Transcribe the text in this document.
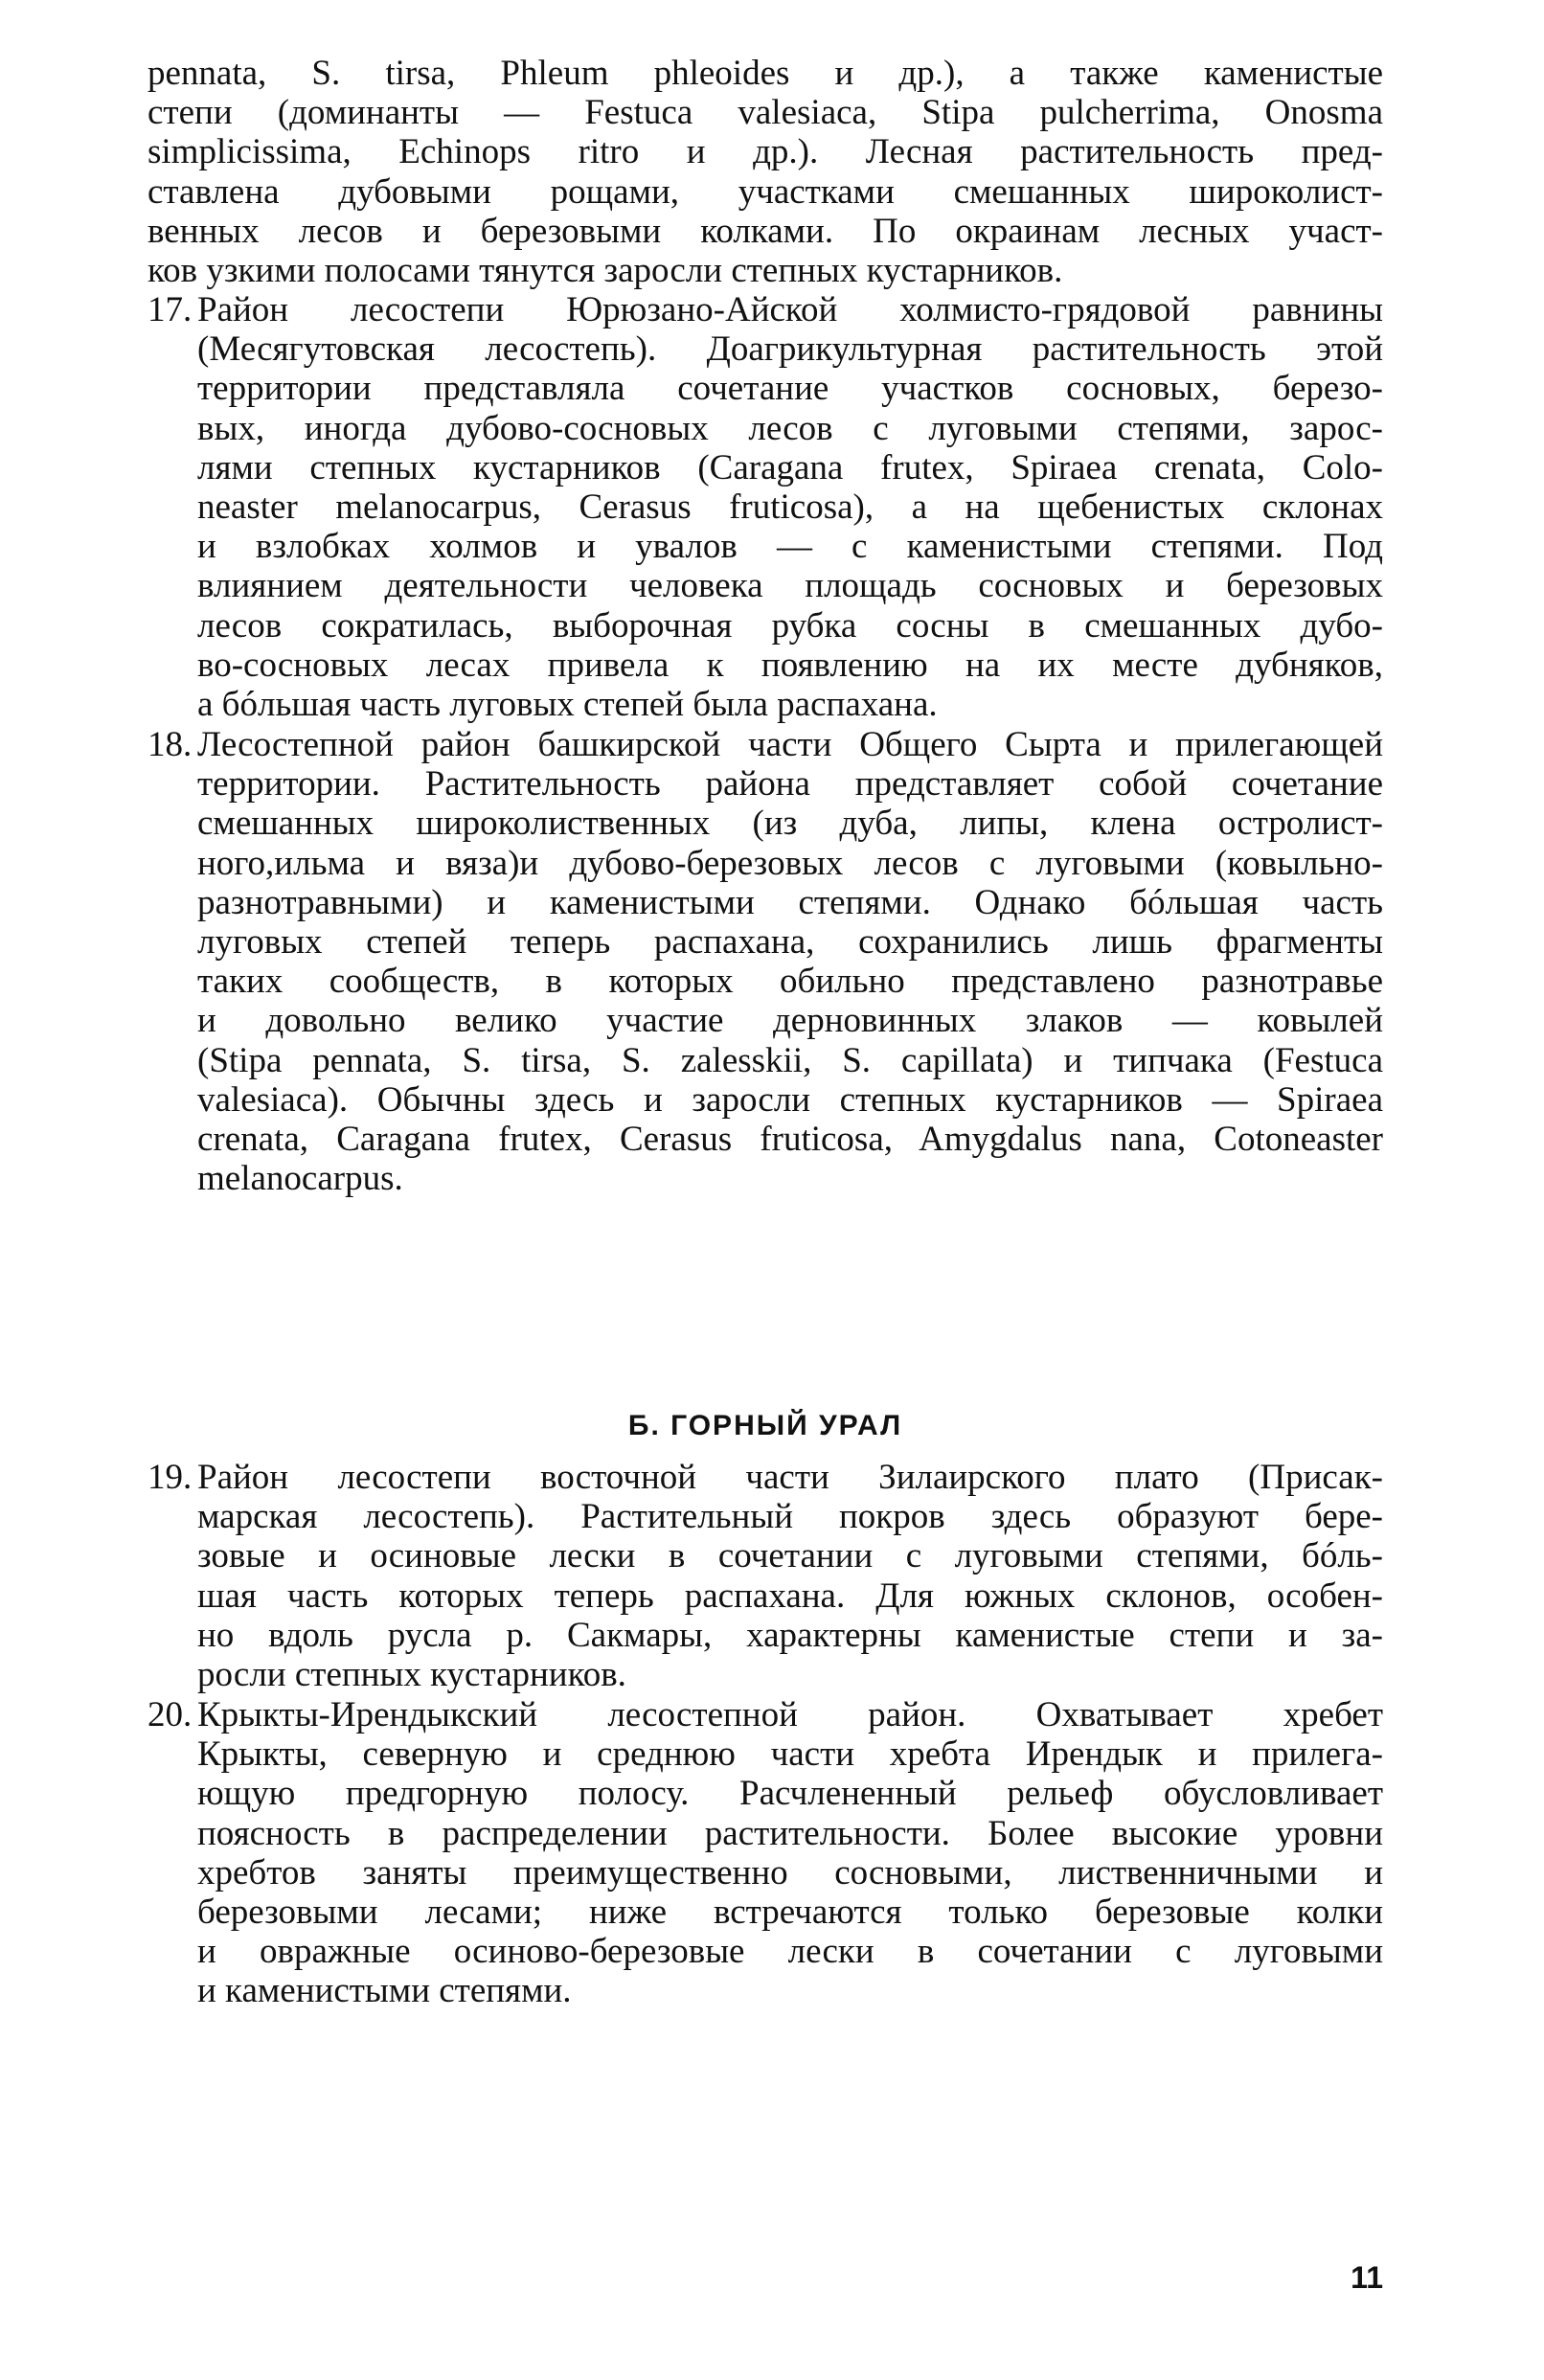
pennata, S. tirsa, Phleum phleoides и др.), а также каменистые
степи (доминанты — Festuca valesiaca, Stipa pulcherrima, Onosma
simplicissima, Echinops ritro и др.). Лесная растительность пред-
ставлена дубовыми рощами, участками смешанных широколист-
венных лесов и березовыми колками. По окраинам лесных участ-
ков узкими полосами тянутся заросли степных кустарников.
17. Район лесостепи Юрюзано-Айской холмисто-грядовой равнины
(Месягутовская лесостепь). Доагрикультурная растительность этой
территории представляла сочетание участков сосновых, березо-
вых, иногда дубово-сосновых лесов с луговыми степями, зарос-
лями степных кустарников (Caragana frutex, Spiraea crenata, Colo-
neaster melanocarpus, Cerasus fruticosa), а на щебенистых склонах
и взлобках холмов и увалов — с каменистыми степями. Под
влиянием деятельности человека площадь сосновых и березовых
лесов сократилась, выборочная рубка сосны в смешанных дубо-
во-сосновых лесах привела к появлению на их месте дубняков,
а бóльшая часть луговых степей была распахана.
18. Лесостепной район башкирской части Общего Сырта и прилегающей
территории. Растительность района представляет собой сочетание
смешанных широколиственных (из дуба, липы, клена остролист-
ного,ильма и вяза)и дубово-березовых лесов с луговыми (ковыльно-
разнотравными) и каменистыми степями. Однако бóльшая часть
луговых степей теперь распахана, сохранились лишь фрагменты
таких сообществ, в которых обильно представлено разнотравье
и довольно велико участие дерновинных злаков — ковылей
(Stipa pennata, S. tirsa, S. zalesskii, S. capillata) и типчака (Festuca
valesiaca). Обычны здесь и заросли степных кустарников — Spiraea
crenata, Caragana frutex, Cerasus fruticosa, Amygdalus nana, Cotoneaster
melanocarpus.
Б. ГОРНЫЙ УРАЛ
19. Район лесостепи восточной части Зилаирского плато (Присак-
марская лесостепь). Растительный покров здесь образуют бере-
зовые и осиновые лески в сочетании с луговыми степями, бóль-
шая часть которых теперь распахана. Для южных склонов, особен-
но вдоль русла р. Сакмары, характерны каменистые степи и за-
росли степных кустарников.
20. Крыкты-Ирендыкский лесостепной район. Охватывает хребет
Крыкты, северную и среднюю части хребта Ирендык и прилега-
ющую предгорную полосу. Расчлененный рельеф обусловливает
поясность в распределении растительности. Более высокие уровни
хребтов заняты преимущественно сосновыми, лиственничными и
березовыми лесами; ниже встречаются только березовые колки
и овражные осиново-березовые лески в сочетании с луговыми
и каменистыми степями.
11
